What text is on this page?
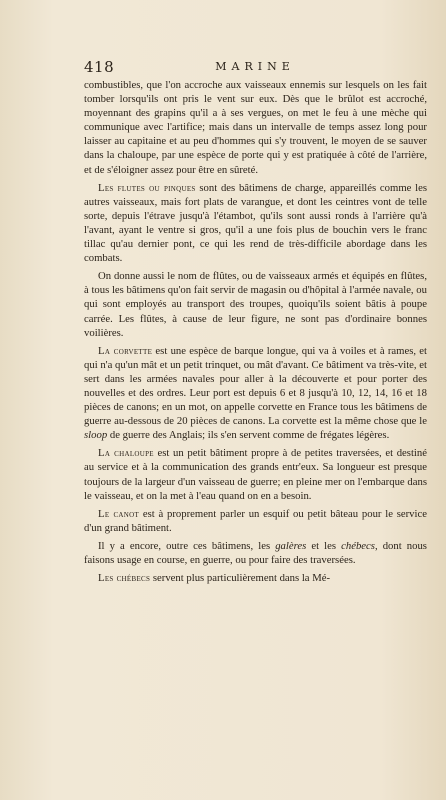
418	MARINE

combustibles, que l'on accroche aux vaisseaux ennemis sur lesquels on les fait tomber lorsqu'ils ont pris le vent sur eux. Dès que le brûlot est accroché, moyennant des grapins qu'il a à ses vergues, on met le feu à une mèche qui communique avec l'artifice; mais dans un intervalle de temps assez long pour laisser au capitaine et au peu d'hommes qui s'y trouvent, le moyen de se sauver dans la chaloupe, par une espèce de porte qui y est pratiquée à côté de l'arrière, et de s'éloigner assez pour être en sûreté.

Les flutes ou pinques sont des bâtimens de charge, appareillés comme les autres vaisseaux, mais fort plats de varangue, et dont les ceintres vont de telle sorte, depuis l'étrave jusqu'à l'étambot, qu'ils sont aussi ronds à l'arrière qu'à l'avant, ayant le ventre si gros, qu'il a une fois plus de bouchin vers le franc tillac qu'au dernier pont, ce qui les rend de très-difficile abordage dans les combats.

On donne aussi le nom de flûtes, ou de vaisseaux armés et équipés en flûtes, à tous les bâtimens qu'on fait servir de magasin ou d'hôpital à l'armée navale, ou qui sont employés au transport des troupes, quoiqu'ils soient bâtis à poupe carrée. Les flûtes, à cause de leur figure, ne sont pas d'ordinaire bonnes voilières.

La corvette est une espèce de barque longue, qui va à voiles et à rames, et qui n'a qu'un mât et un petit trinquet, ou mât d'avant. Ce bâtiment va très-vite, et sert dans les armées navales pour aller à la découverte et pour porter des nouvelles et des ordres. Leur port est depuis 6 et 8 jusqu'à 10, 12, 14, 16 et 18 pièces de canons; en un mot, on appelle corvette en France tous les bâtimens de guerre au-dessous de 20 pièces de canons. La corvette est la même chose que le sloop de guerre des Anglais; ils s'en servent comme de frégates légères.

La chaloupe est un petit bâtiment propre à de petites traversées, et destiné au service et à la communication des grands entr'eux. Sa longueur est presque toujours de la largeur d'un vaisseau de guerre; en pleine mer on l'embarque dans le vaisseau, et on la met à l'eau quand on en a besoin.

Le canot est à proprement parler un esquif ou petit bâteau pour le service d'un grand bâtiment.

Il y a encore, outre ces bâtimens, les galères et les chébecs, dont nous faisons usage en course, en guerre, ou pour faire des traversées.

Les chébecs servent plus particulièrement dans la Mé-
